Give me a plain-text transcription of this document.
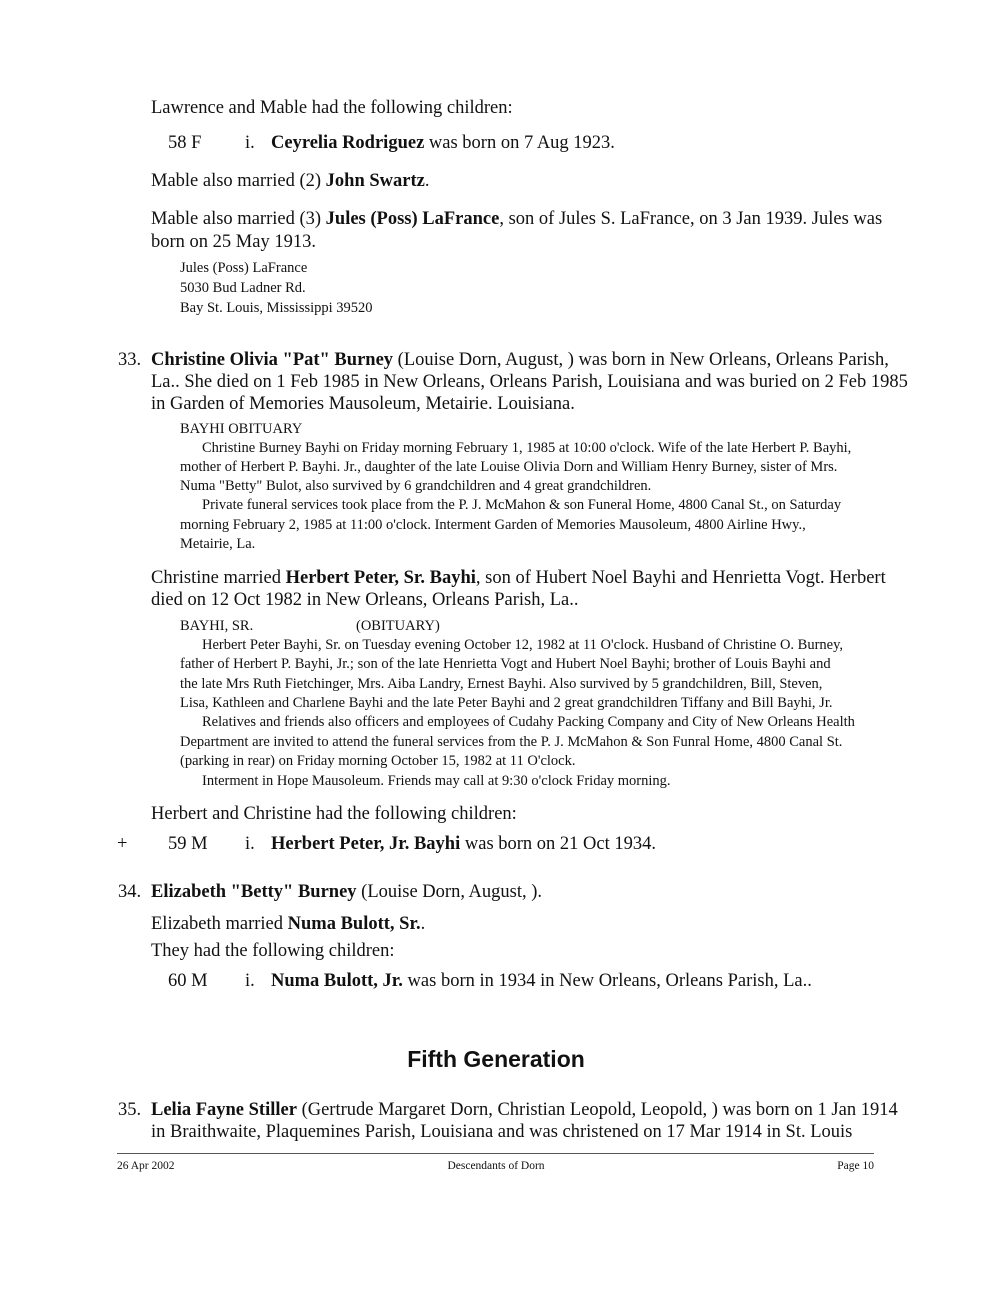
Lawrence and Mable had the following children:
58 F i. Ceyrelia Rodriguez was born on 7 Aug 1923.
Mable also married (2) John Swartz.
Mable also married (3) Jules (Poss) LaFrance, son of Jules S. LaFrance, on 3 Jan 1939. Jules was
born on 25 May 1913.
Jules (Poss) LaFrance
5030 Bud Ladner Rd.
Bay St. Louis, Mississippi 39520
33. Christine Olivia "Pat" Burney (Louise Dorn, August, ) was born in New Orleans, Orleans Parish,
La.. She died on 1 Feb 1985 in New Orleans, Orleans Parish, Louisiana and was buried on 2 Feb 1985
in Garden of Memories Mausoleum, Metairie. Louisiana.
BAYHI OBITUARY
Christine Burney Bayhi on Friday morning February 1, 1985 at 10:00 o'clock. Wife of the late Herbert P. Bayhi,
mother of Herbert P. Bayhi. Jr., daughter of the late Louise Olivia Dorn and William Henry Burney, sister of Mrs.
Numa "Betty" Bulot, also survived by 6 grandchildren and 4 great grandchildren.
Private funeral services took place from the P. J. McMahon & son Funeral Home, 4800 Canal St., on Saturday
morning February 2, 1985 at 11:00 o'clock. Interment Garden of Memories Mausoleum, 4800 Airline Hwy.,
Metairie, La.
Christine married Herbert Peter, Sr. Bayhi, son of Hubert Noel Bayhi and Henrietta Vogt. Herbert
died on 12 Oct 1982 in New Orleans, Orleans Parish, La..
BAYHI, SR.	(OBITUARY)
Herbert Peter Bayhi, Sr. on Tuesday evening October 12, 1982 at 11 O'clock. Husband of Christine O. Burney,
father of Herbert P. Bayhi, Jr.; son of the late Henrietta Vogt and Hubert Noel Bayhi; brother of Louis Bayhi and
the late Mrs Ruth Fietchinger, Mrs. Aiba Landry, Ernest Bayhi. Also survived by 5 grandchildren, Bill, Steven,
Lisa, Kathleen and Charlene Bayhi and the late Peter Bayhi and 2 great grandchildren Tiffany and Bill Bayhi, Jr.
Relatives and friends also officers and employees of Cudahy Packing Company and City of New Orleans Health
Department are invited to attend the funeral services from the P. J. McMahon & Son Funral Home, 4800 Canal St.
(parking in rear) on Friday morning October 15, 1982 at 11 O'clock.
Interment in Hope Mausoleum. Friends may call at 9:30 o'clock Friday morning.
Herbert and Christine had the following children:
+ 59 M i. Herbert Peter, Jr. Bayhi was born on 21 Oct 1934.
34. Elizabeth "Betty" Burney (Louise Dorn, August, ).
Elizabeth married Numa Bulott, Sr..
They had the following children:
60 M i. Numa Bulott, Jr. was born in 1934 in New Orleans, Orleans Parish, La..
Fifth Generation
35. Lelia Fayne Stiller (Gertrude Margaret Dorn, Christian Leopold, Leopold, ) was born on 1 Jan 1914
in Braithwaite, Plaquemines Parish, Louisiana and was christened on 17 Mar 1914 in St. Louis
26 Apr 2002	Descendants of Dorn	Page 10
